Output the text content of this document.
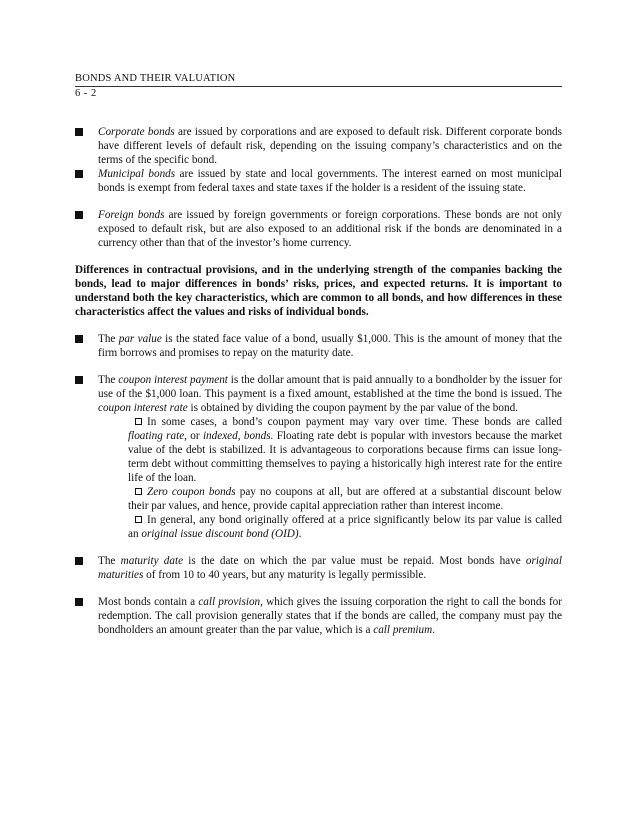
BONDS AND THEIR VALUATION
6 - 2
Corporate bonds are issued by corporations and are exposed to default risk. Different corporate bonds have different levels of default risk, depending on the issuing company’s characteristics and on the terms of the specific bond.
Municipal bonds are issued by state and local governments. The interest earned on most municipal bonds is exempt from federal taxes and state taxes if the holder is a resident of the issuing state.
Foreign bonds are issued by foreign governments or foreign corporations. These bonds are not only exposed to default risk, but are also exposed to an additional risk if the bonds are denominated in a currency other than that of the investor’s home currency.
Differences in contractual provisions, and in the underlying strength of the companies backing the bonds, lead to major differences in bonds’ risks, prices, and expected returns. It is important to understand both the key characteristics, which are common to all bonds, and how differences in these characteristics affect the values and risks of individual bonds.
The par value is the stated face value of a bond, usually $1,000. This is the amount of money that the firm borrows and promises to repay on the maturity date.
The coupon interest payment is the dollar amount that is paid annually to a bondholder by the issuer for use of the $1,000 loan. This payment is a fixed amount, established at the time the bond is issued. The coupon interest rate is obtained by dividing the coupon payment by the par value of the bond.
In some cases, a bond’s coupon payment may vary over time. These bonds are called floating rate, or indexed, bonds. Floating rate debt is popular with investors because the market value of the debt is stabilized. It is advantageous to corporations because firms can issue long-term debt without committing themselves to paying a historically high interest rate for the entire life of the loan.
Zero coupon bonds pay no coupons at all, but are offered at a substantial discount below their par values, and hence, provide capital appreciation rather than interest income.
In general, any bond originally offered at a price significantly below its par value is called an original issue discount bond (OID).
The maturity date is the date on which the par value must be repaid. Most bonds have original maturities of from 10 to 40 years, but any maturity is legally permissible.
Most bonds contain a call provision, which gives the issuing corporation the right to call the bonds for redemption. The call provision generally states that if the bonds are called, the company must pay the bondholders an amount greater than the par value, which is a call premium.
